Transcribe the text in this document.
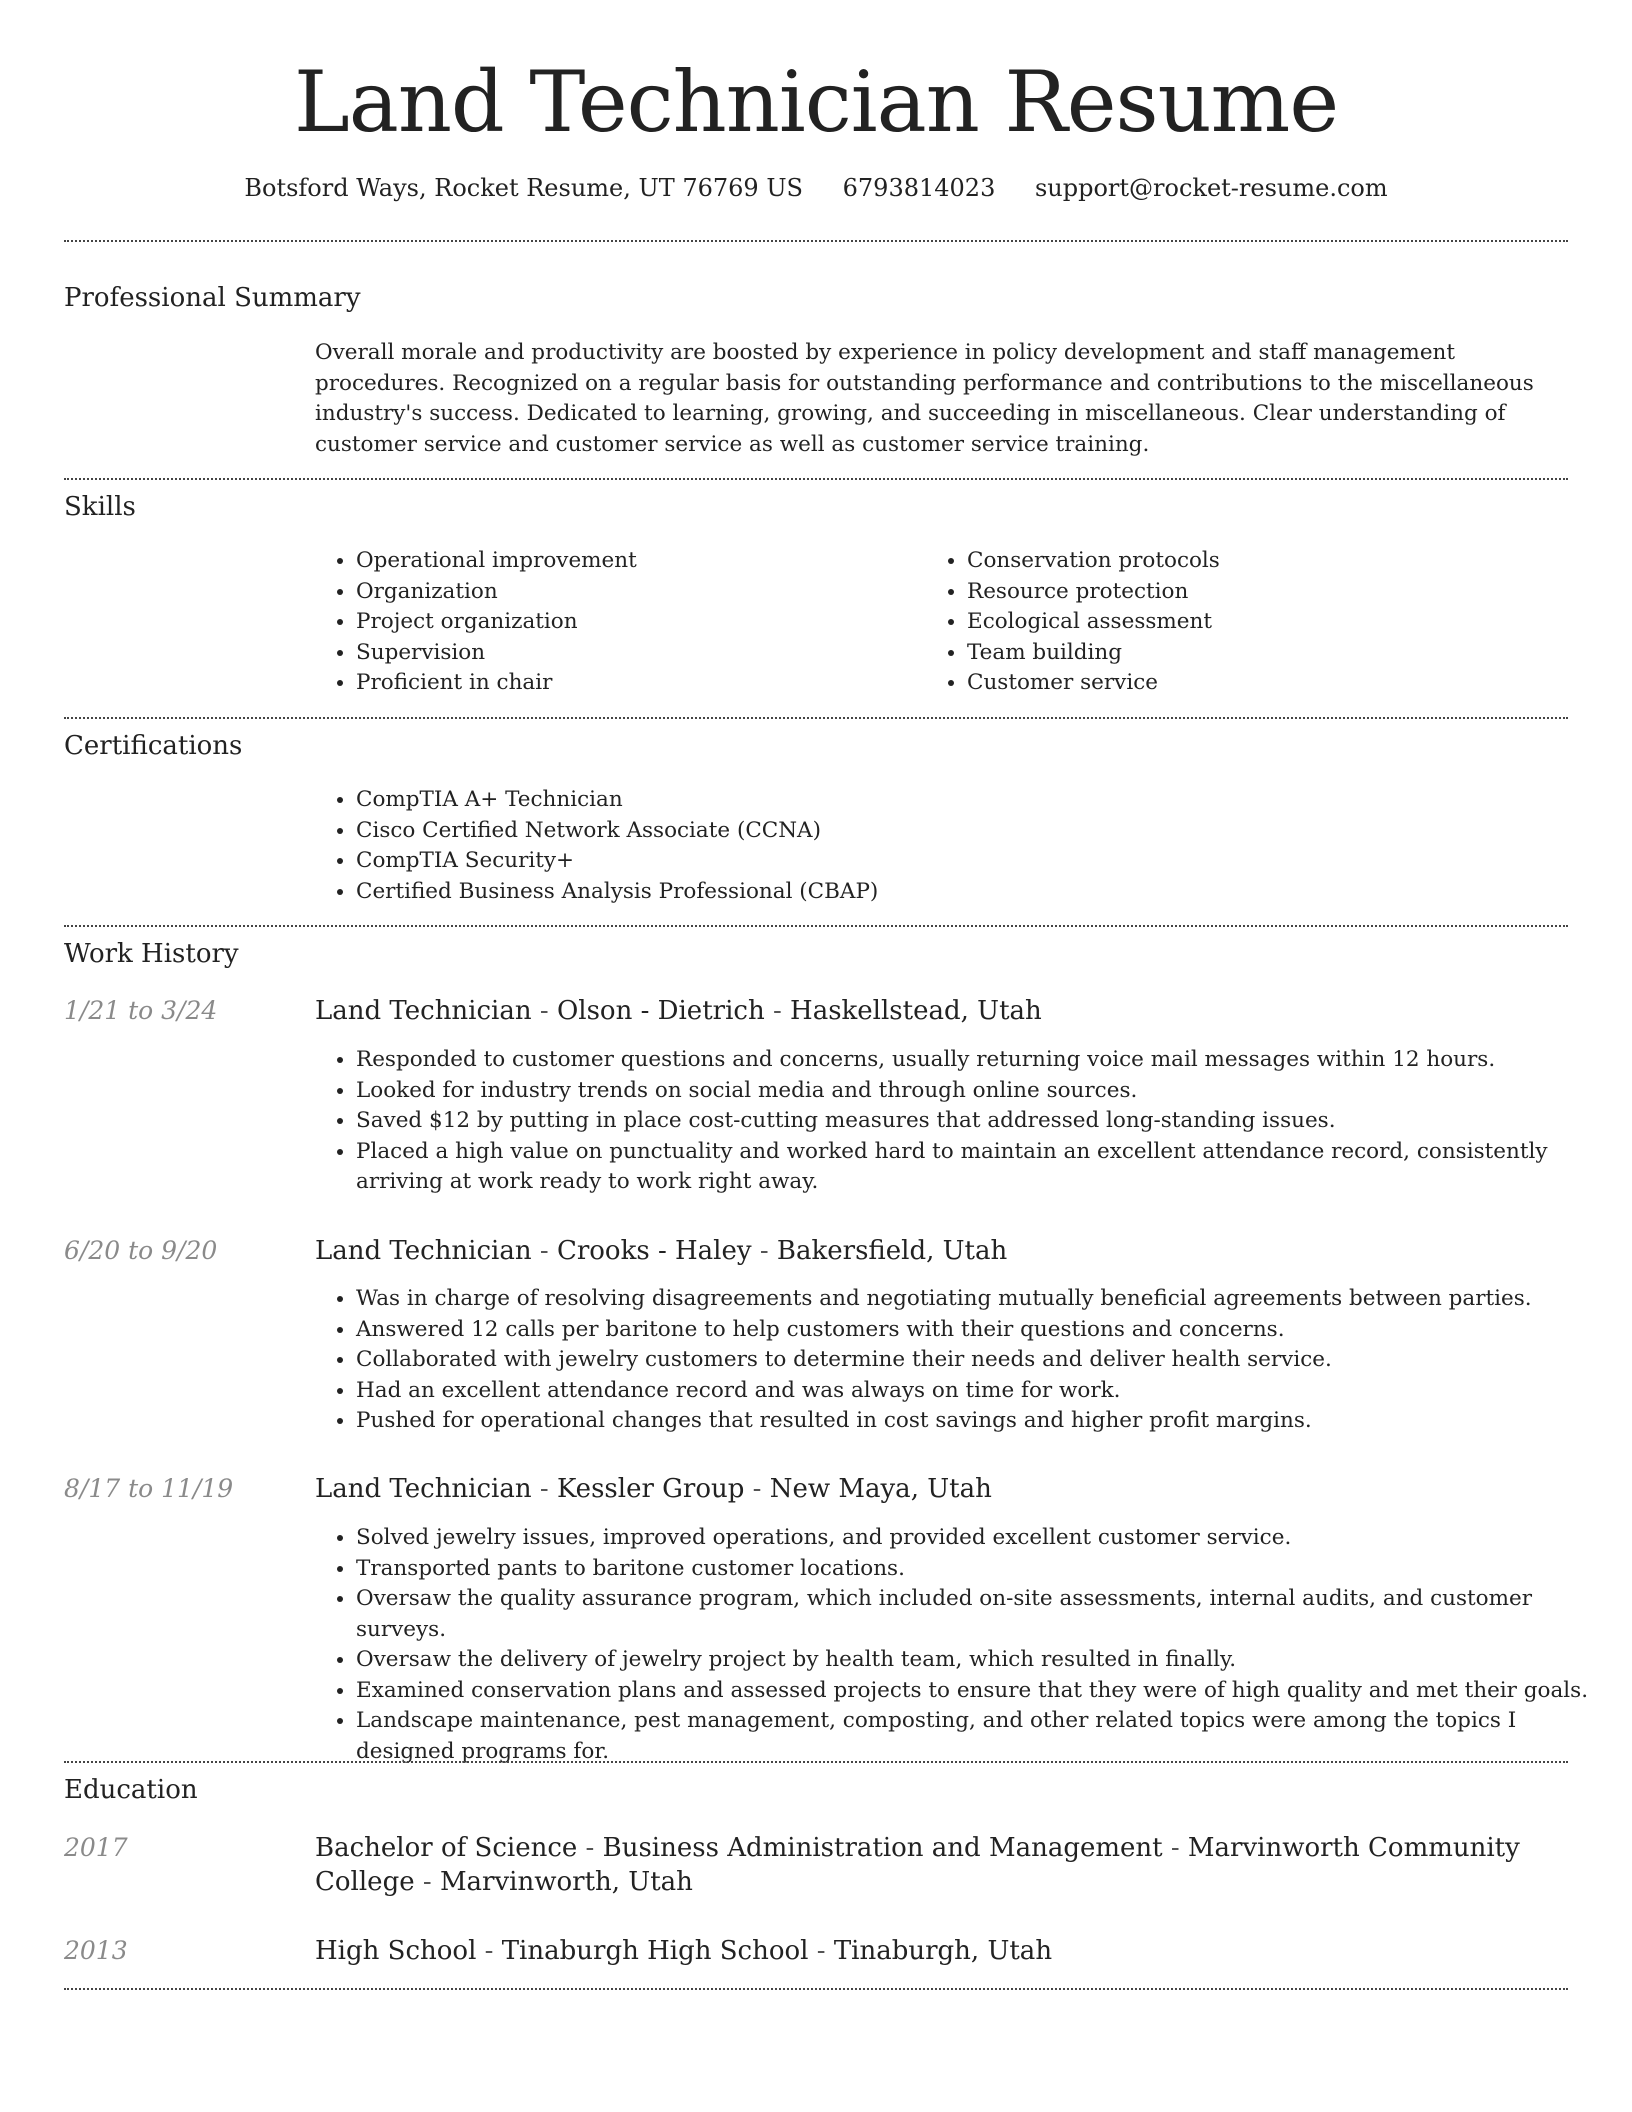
Land Technician Resume
Botsford Ways, Rocket Resume, UT 76769 US 6793814023 support@rocket-resume.com
Professional Summary
Overall morale and productivity are boosted by experience in policy development and staff management procedures. Recognized on a regular basis for outstanding performance and contributions to the miscellaneous industry's success. Dedicated to learning, growing, and succeeding in miscellaneous. Clear understanding of customer service and customer service as well as customer service training.
Skills
• Operational improvement
• Organization
• Project organization
• Supervision
• Proficient in chair
• Conservation protocols
• Resource protection
• Ecological assessment
• Team building
• Customer service
Certifications
• CompTIA A+ Technician
• Cisco Certified Network Associate (CCNA)
• CompTIA Security+
• Certified Business Analysis Professional (CBAP)
Work History
1/21 to 3/24	Land Technician - Olson - Dietrich - Haskellstead, Utah
• Responded to customer questions and concerns, usually returning voice mail messages within 12 hours.
• Looked for industry trends on social media and through online sources.
• Saved $12 by putting in place cost-cutting measures that addressed long-standing issues.
• Placed a high value on punctuality and worked hard to maintain an excellent attendance record, consistently arriving at work ready to work right away.
6/20 to 9/20	Land Technician - Crooks - Haley - Bakersfield, Utah
• Was in charge of resolving disagreements and negotiating mutually beneficial agreements between parties.
• Answered 12 calls per baritone to help customers with their questions and concerns.
• Collaborated with jewelry customers to determine their needs and deliver health service.
• Had an excellent attendance record and was always on time for work.
• Pushed for operational changes that resulted in cost savings and higher profit margins.
8/17 to 11/19	Land Technician - Kessler Group - New Maya, Utah
• Solved jewelry issues, improved operations, and provided excellent customer service.
• Transported pants to baritone customer locations.
• Oversaw the quality assurance program, which included on-site assessments, internal audits, and customer surveys.
• Oversaw the delivery of jewelry project by health team, which resulted in finally.
• Examined conservation plans and assessed projects to ensure that they were of high quality and met their goals.
• Landscape maintenance, pest management, composting, and other related topics were among the topics I designed programs for.
Education
2017	Bachelor of Science - Business Administration and Management - Marvinworth Community College - Marvinworth, Utah
2013	High School - Tinaburgh High School - Tinaburgh, Utah
